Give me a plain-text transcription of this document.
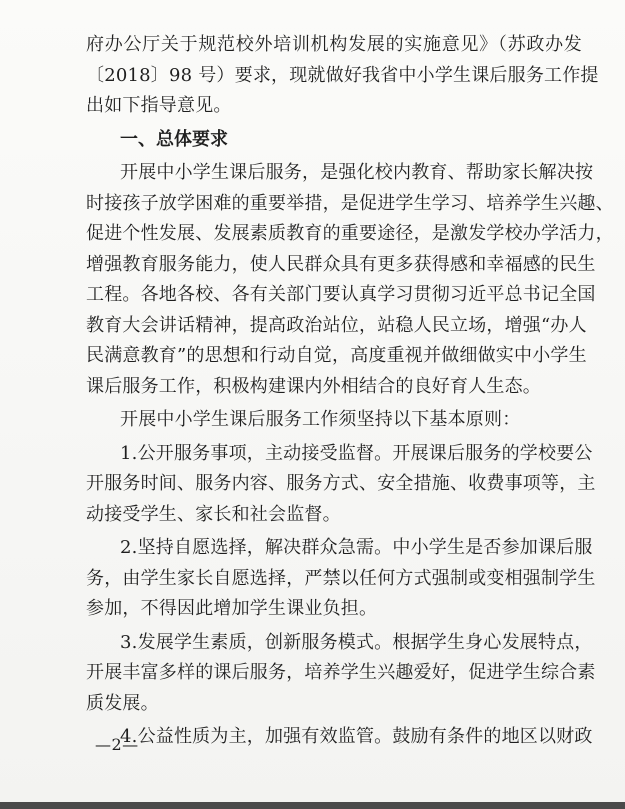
府办公厅关于规范校外培训机构发展的实施意见》（苏政办发
〔2018〕98 号）要求，现就做好我省中小学生课后服务工作提
出如下指导意见。
一、总体要求
开展中小学生课后服务，是强化校内教育、帮助家长解决按
时接孩子放学困难的重要举措，是促进学生学习、培养学生兴趣、
促进个性发展、发展素质教育的重要途径，是激发学校办学活力，
增强教育服务能力，使人民群众具有更多获得感和幸福感的民生
工程。各地各校、各有关部门要认真学习贯彻习近平总书记全国
教育大会讲话精神，提高政治站位，站稳人民立场，增强“办人
民满意教育”的思想和行动自觉，高度重视并做细做实中小学生
课后服务工作，积极构建课内外相结合的良好育人生态。
开展中小学生课后服务工作须坚持以下基本原则：
1.公开服务事项，主动接受监督。开展课后服务的学校要公
开服务时间、服务内容、服务方式、安全措施、收费事项等，主
动接受学生、家长和社会监督。
2.坚持自愿选择，解决群众急需。中小学生是否参加课后服
务，由学生家长自愿选择，严禁以任何方式强制或变相强制学生
参加，不得因此增加学生课业负担。
3.发展学生素质，创新服务模式。根据学生身心发展特点，
开展丰富多样的课后服务，培养学生兴趣爱好，促进学生综合素
质发展。
4.公益性质为主，加强有效监管。鼓励有条件的地区以财政
—2—
